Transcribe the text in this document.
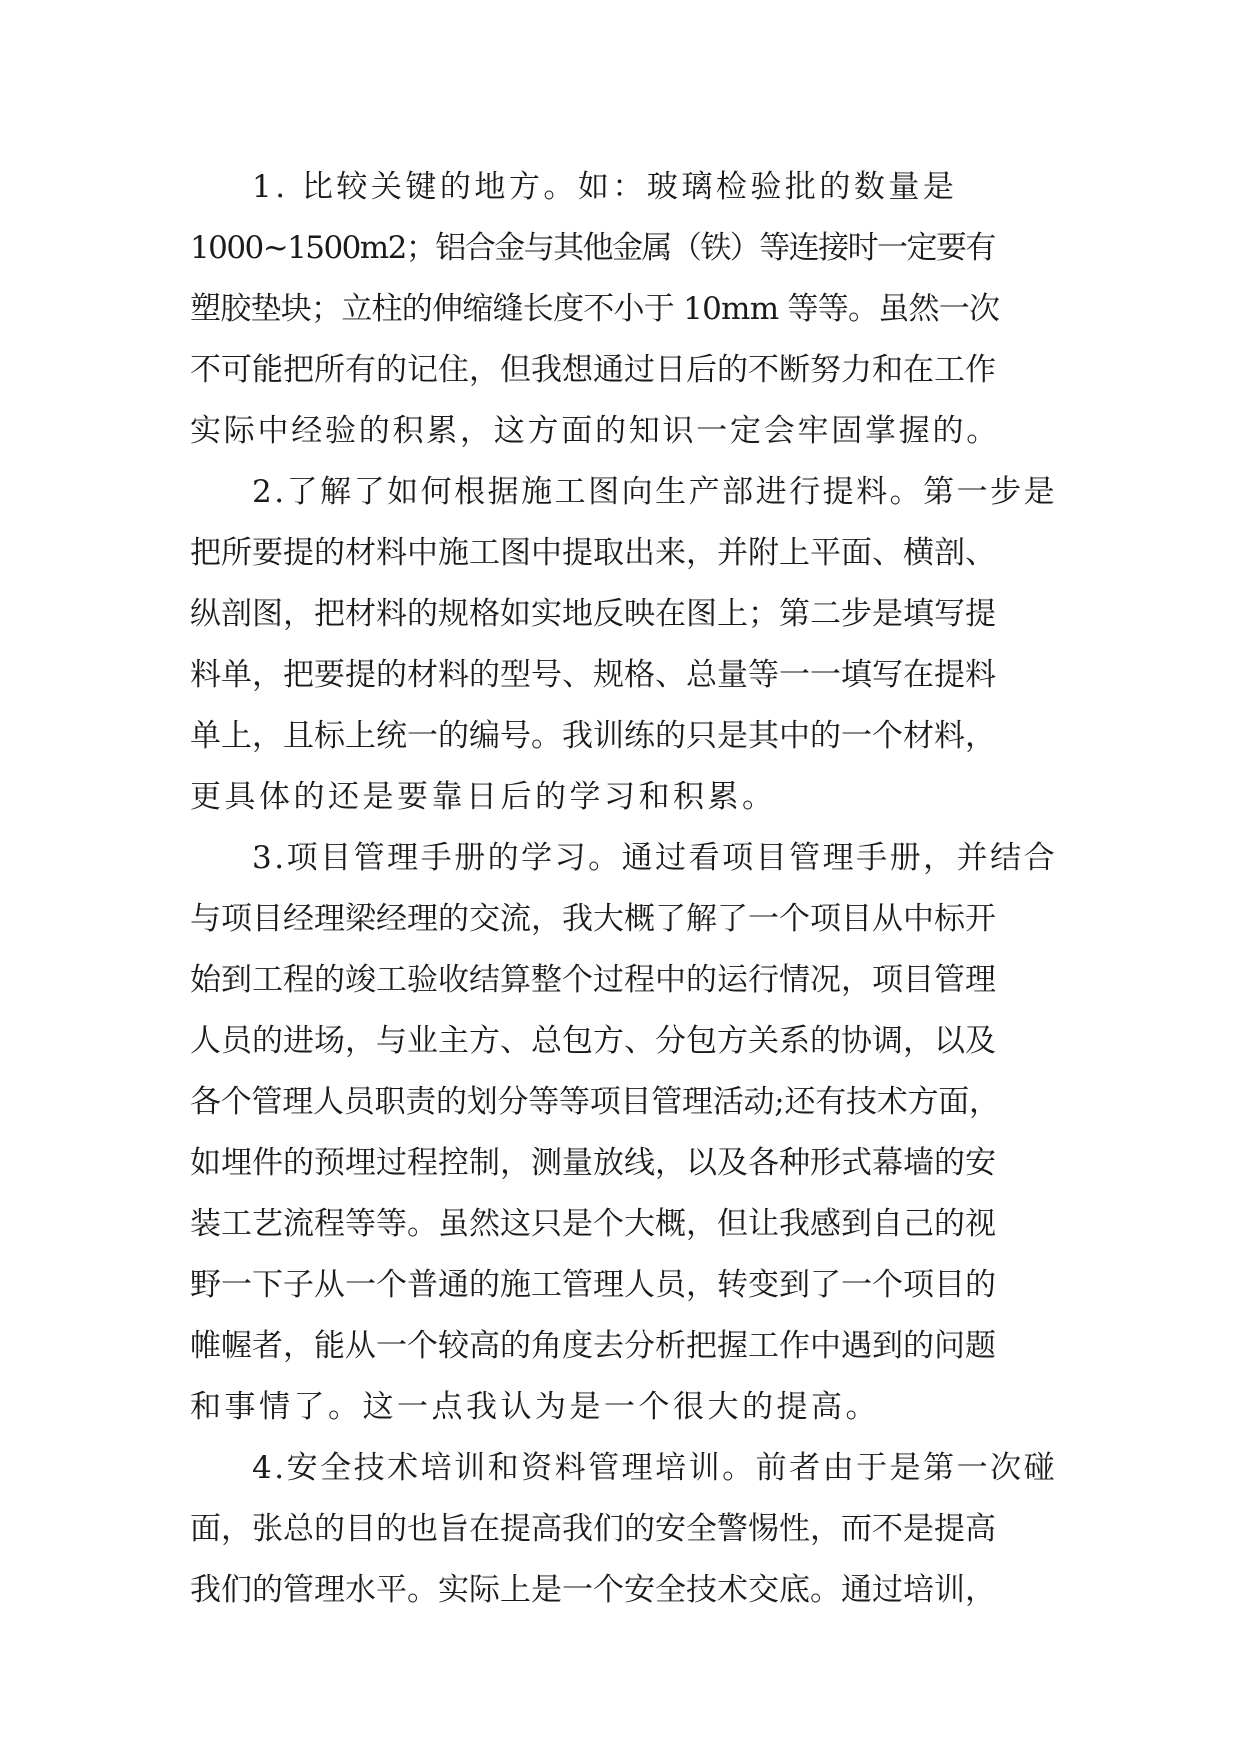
1. 比较关键的地方。如：玻璃检验批的数量是
1000~1500m2；铝合金与其他金属（铁）等连接时一定要有
塑胶垫块；立柱的伸缩缝长度不小于 10mm 等等。虽然一次
不可能把所有的记住，但我想通过日后的不断努力和在工作
实际中经验的积累，这方面的知识一定会牢固掌握的。
2.了解了如何根据施工图向生产部进行提料。第一步是
把所要提的材料中施工图中提取出来，并附上平面、横剖、
纵剖图，把材料的规格如实地反映在图上；第二步是填写提
料单，把要提的材料的型号、规格、总量等一一填写在提料
单上，且标上统一的编号。我训练的只是其中的一个材料，
更具体的还是要靠日后的学习和积累。
3.项目管理手册的学习。通过看项目管理手册，并结合
与项目经理梁经理的交流，我大概了解了一个项目从中标开
始到工程的竣工验收结算整个过程中的运行情况，项目管理
人员的进场，与业主方、总包方、分包方关系的协调，以及
各个管理人员职责的划分等等项目管理活动;还有技术方面，
如埋件的预埋过程控制，测量放线，以及各种形式幕墙的安
装工艺流程等等。虽然这只是个大概，但让我感到自己的视
野一下子从一个普通的施工管理人员，转变到了一个项目的
帷幄者，能从一个较高的角度去分析把握工作中遇到的问题
和事情了。这一点我认为是一个很大的提高。
4.安全技术培训和资料管理培训。前者由于是第一次碰
面，张总的目的也旨在提高我们的安全警惕性，而不是提高
我们的管理水平。实际上是一个安全技术交底。通过培训，
